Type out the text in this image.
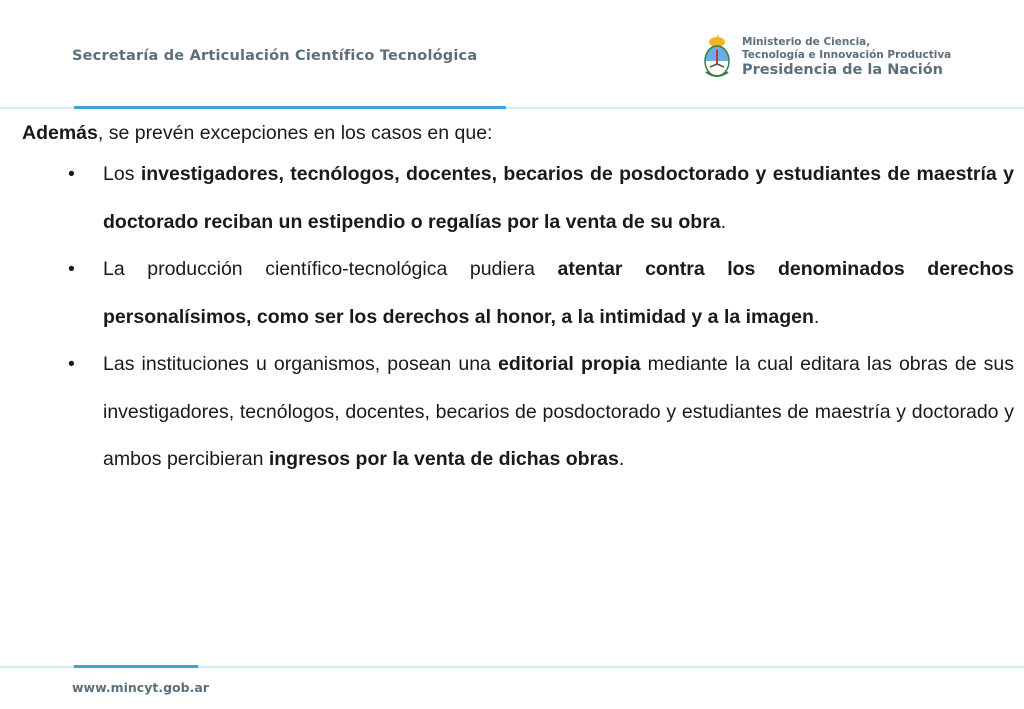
Secretaría de Articulación Científico Tecnológica
Ministerio de Ciencia,
Tecnología e Innovación Productiva
Presidencia de la Nación

Además, se prevén excepciones en los casos en que:

• Los investigadores, tecnólogos, docentes, becarios de posdoctorado y estudiantes de maestría y doctorado reciban un estipendio o regalías por la venta de su obra.
• La producción científico-tecnológica pudiera atentar contra los denominados derechos personalísimos, como ser los derechos al honor, a la intimidad y a la imagen.
• Las instituciones u organismos, posean una editorial propia mediante la cual editara las obras de sus investigadores, tecnólogos, docentes, becarios de posdoctorado y estudiantes de maestría y doctorado y ambos percibieran ingresos por la venta de dichas obras.
www.mincyt.gob.ar
